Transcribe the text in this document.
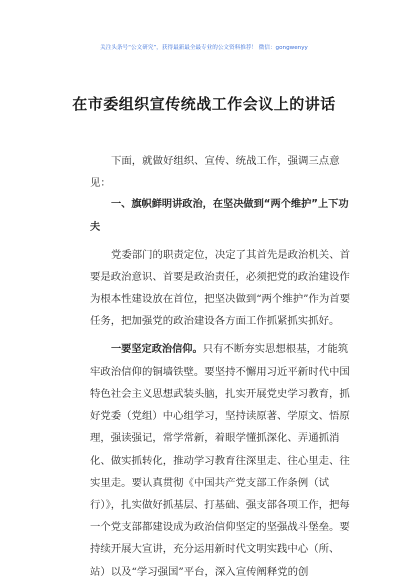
关注头条号“公文研究”，获得最新最全最专业的公文资料推荐！ 微信：gongwenyy
在市委组织宣传统战工作会议上的讲话

下面，就做好组织、宣传、统战工作，强调三点意见：

一、旗帜鲜明讲政治，在坚决做到“两个维护”上下功夫

党委部门的职责定位，决定了其首先是政治机关、首要是政治意识、首要是政治责任，必须把党的政治建设作为根本性建设放在首位，把坚决做到“两个维护”作为首要任务，把加强党的政治建设各方面工作抓紧抓实抓好。

一要坚定政治信仰。只有不断夯实思想根基，才能筑牢政治信仰的铜墙铁壁。要坚持不懈用习近平新时代中国特色社会主义思想武装头脑，扎实开展党史学习教育，抓好党委（党组）中心组学习，坚持读原著、学原文、悟原理，强读强记，常学常新，着眼学懂抓深化、弄通抓消化、做实抓转化，推动学习教育往深里走、往心里走、往实里走。要认真贯彻《中国共产党支部工作条例（试行）》，扎实做好抓基层、打基础、强支部各项工作，把每一个党支部都建设成为政治信仰坚定的坚强战斗堡垒。要持续开展大宣讲，充分运用新时代文明实践中心（所、站）以及“学习强国”平台，深入宣传阐释党的创
